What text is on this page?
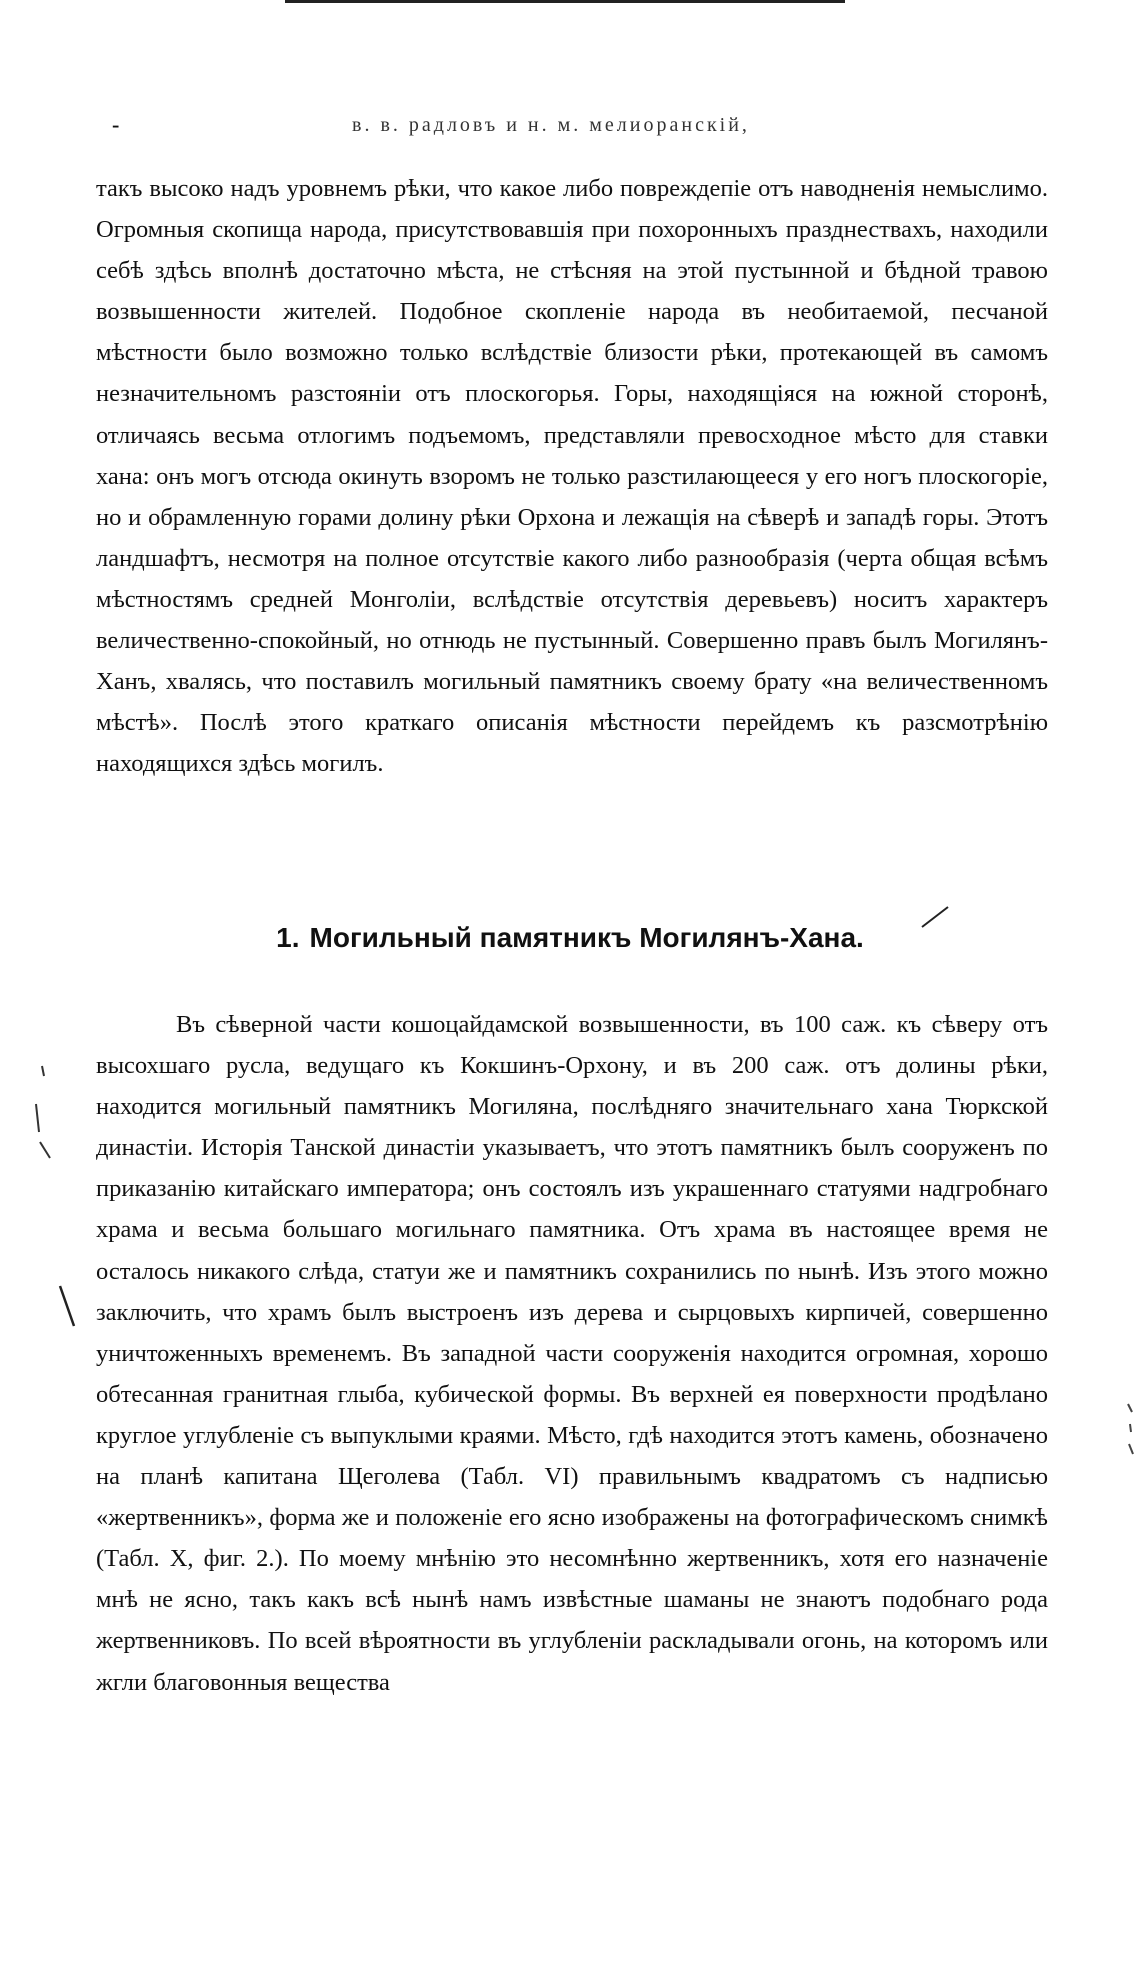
-	в. в. радловъ и н. м. мелиоранскій,

такъ высоко надъ уровнемъ рѣки, что какое либо повреждепіе отъ наводненія немыслимо. Огромныя скопища народа, присутствовавшія при похоронныхъ празднествахъ, находили себѣ здѣсь вполнѣ достаточно мѣста, не стѣсняя на этой пустынной и бѣдной травою возвышенности жителей. Подобное скопленіе народа въ необитаемой, песчаной мѣстности было возможно только вслѣдствіе близости рѣки, протекающей въ самомъ незначительномъ разстояніи отъ плоскогорья. Горы, находящіяся на южной сторонѣ, отличаясь весьма отлогимъ подъемомъ, представляли превосходное мѣсто для ставки хана: онъ могъ отсюда окинуть взоромъ не только разстилающееся у его ногъ плоскогоріе, но и обрамленную горами долину рѣки Орхона и лежащія на сѣверѣ и западѣ горы. Этотъ ландшафтъ, несмотря на полное отсутствіе какого либо разнообразія (черта общая всѣмъ мѣстностямъ средней Монголіи, вслѣдствіе отсутствія деревьевъ) носитъ характеръ величественно-спокойный, но отнюдь не пустынный. Совершенно правъ былъ Могилянъ-Ханъ, хвалясь, что поставилъ могильный памятникъ своему брату «на величественномъ мѣстѣ». Послѣ этого краткаго описанія мѣстности перейдемъ къ разсмотрѣнію находящихся здѣсь могилъ.

1. Могильный памятникъ Могилянъ-Хана.

Въ сѣверной части кошоцайдамской возвышенности, въ 100 саж. къ сѣверу отъ высохшаго русла, ведущаго къ Кокшинъ-Орхону, и въ 200 саж. отъ долины рѣки, находится могильный памятникъ Могиляна, послѣдняго значительнаго хана Тюркской династіи. Исторія Танской династіи указываетъ, что этотъ памятникъ былъ сооруженъ по приказанію китайскаго императора; онъ состоялъ изъ украшеннаго статуями надгробнаго храма и весьма большаго могильнаго памятника. Отъ храма въ настоящее время не осталось никакого слѣда, статуи же и памятникъ сохранились по нынѣ. Изъ этого можно заключить, что храмъ былъ выстроенъ изъ дерева и сырцовыхъ кирпичей, совершенно уничтоженныхъ временемъ. Въ западной части сооруженія находится огромная, хорошо обтесанная гранитная глыба, кубической формы. Въ верхней ея поверхности продѣлано круглое углубленіе съ выпуклыми краями. Мѣсто, гдѣ находится этотъ камень, обозначено на планѣ капитана Щеголева (Табл. VI) правильнымъ квадратомъ съ надписью «жертвенникъ», форма же и положеніе его ясно изображены на фотографическомъ снимкѣ (Табл. X, фиг. 2.). По моему мнѣнію это несомнѣнно жертвенникъ, хотя его назначеніе мнѣ не ясно, такъ какъ всѣ нынѣ намъ извѣстные шаманы не знаютъ подобнаго рода жертвенниковъ. По всей вѣроятности въ углубленіи раскладывали огонь, на которомъ или жгли благовонныя вещества
